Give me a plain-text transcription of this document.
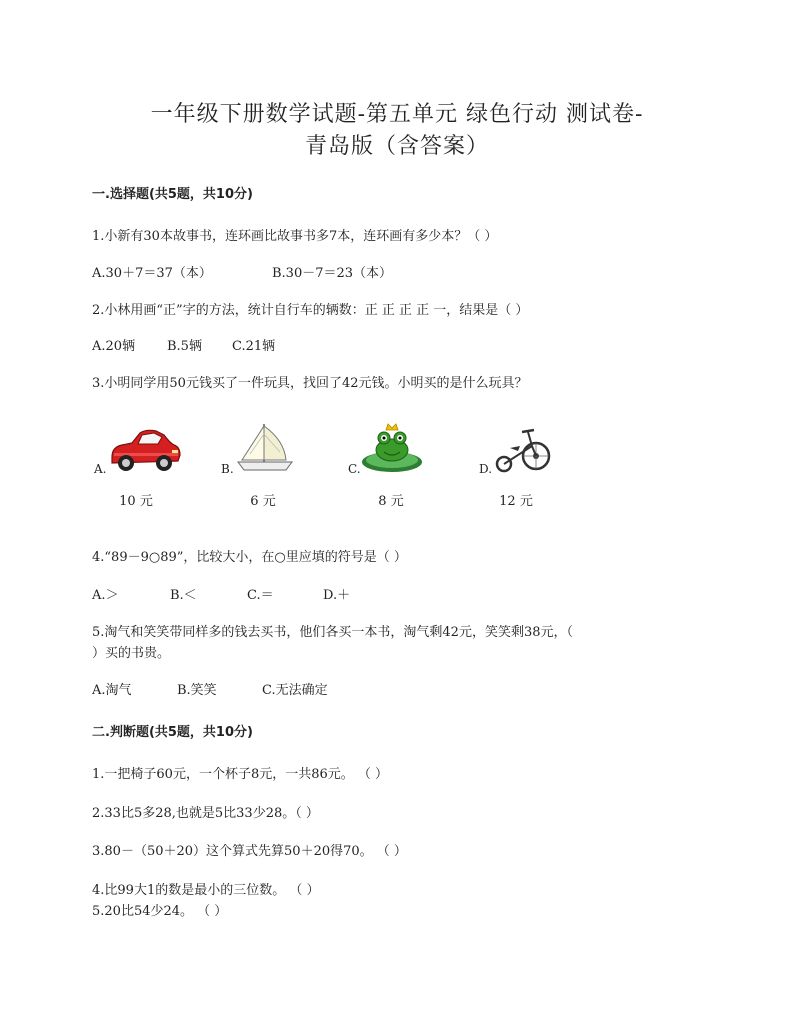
一年级下册数学试题-第五单元 绿色行动 测试卷-
青岛版（含答案）
一.选择题(共5题，共10分)
1.小新有30本故事书，连环画比故事书多7本，连环画有多少本？（ ）
A.30＋7＝37（本）	B.30－7＝23（本）
2.小林用画“正”字的方法，统计自行车的辆数：正 正 正 正 一，结果是（ ）
A.20辆 B.5辆 C.21辆
3.小明同学用50元钱买了一件玩具，找回了42元钱。小明买的是什么玩具？
A.
10 元
B.
6 元
C.
8 元
D.
12 元
4.“89－9○89”，比较大小，在○里应填的符号是（ ）
A.＞	B.＜	C.＝	D.＋
5.淘气和笑笑带同样多的钱去买书，他们各买一本书，淘气剩42元，笑笑剩38元，（
）买的书贵。
A.淘气	B.笑笑	C.无法确定
二.判断题(共5题，共10分)
1.一把椅子60元，一个杯子8元，一共86元。 （ ）
2.33比5多28,也就是5比33少28。（ ）
3.80－（50＋20）这个算式先算50＋20得70。 （ ）
4.比99大1的数是最小的三位数。 （ ）
5.20比54少24。 （ ）
